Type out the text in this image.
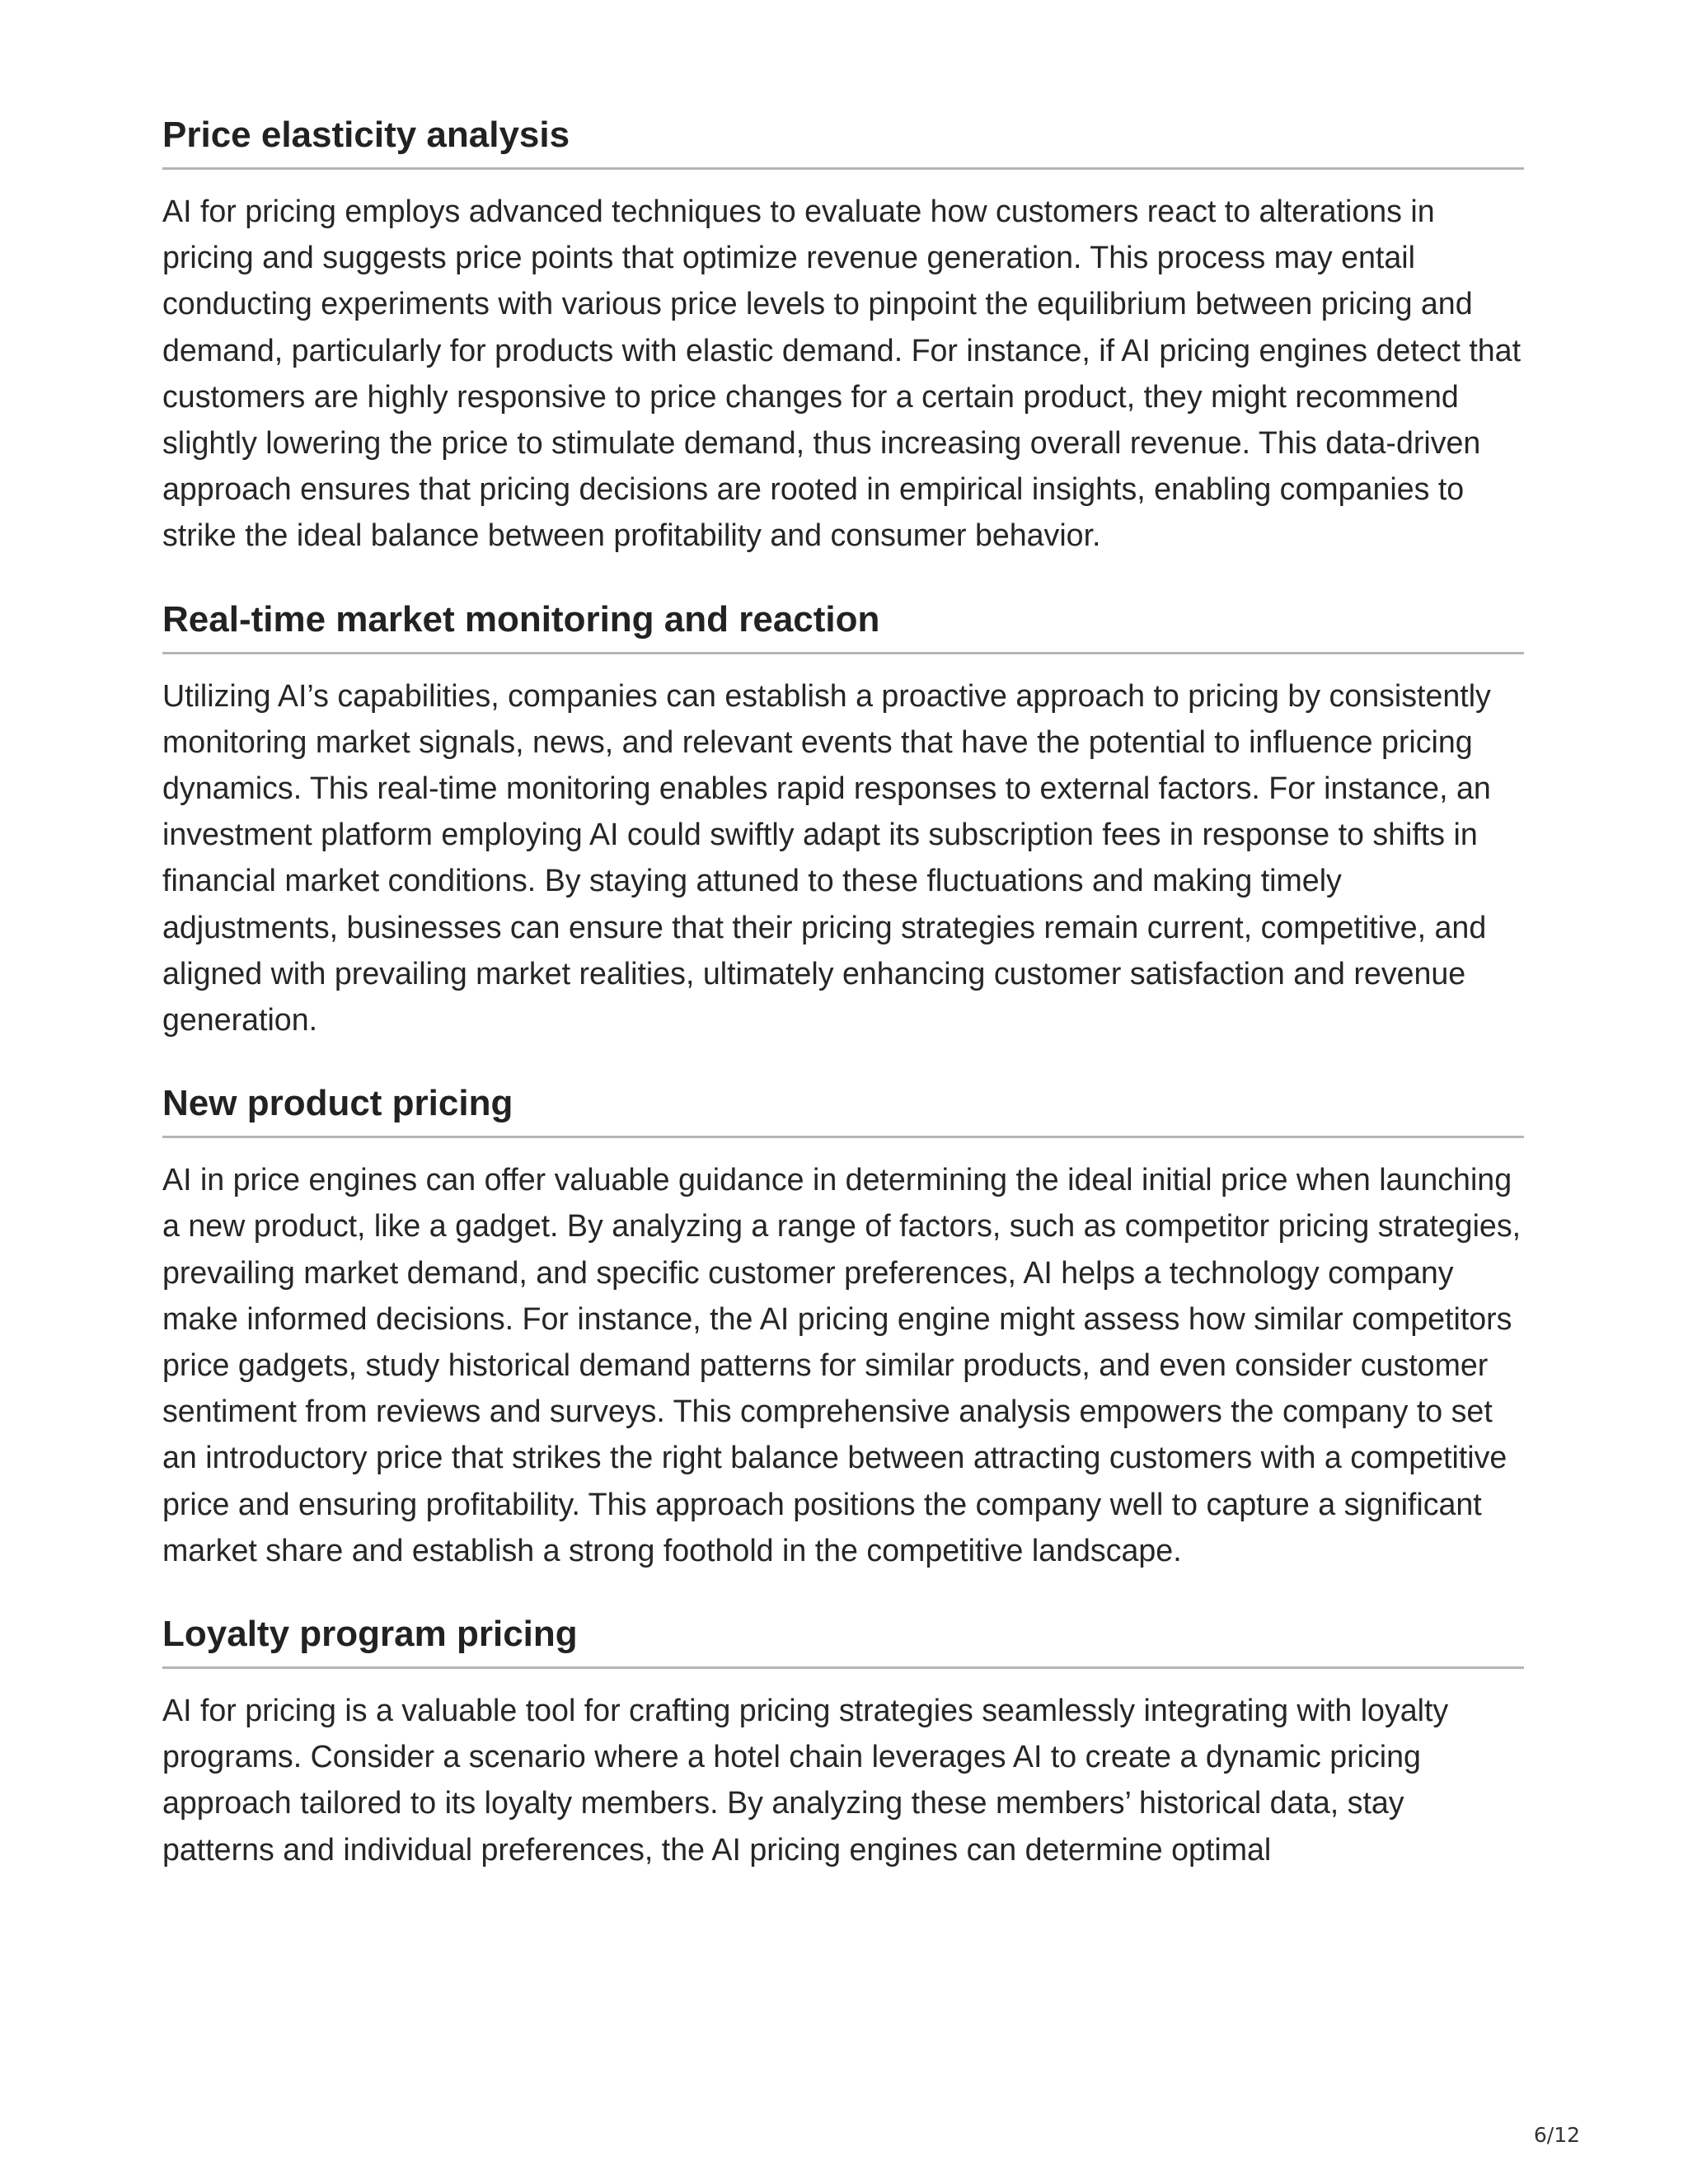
Price elasticity analysis

AI for pricing employs advanced techniques to evaluate how customers react to alterations in pricing and suggests price points that optimize revenue generation. This process may entail conducting experiments with various price levels to pinpoint the equilibrium between pricing and demand, particularly for products with elastic demand. For instance, if AI pricing engines detect that customers are highly responsive to price changes for a certain product, they might recommend slightly lowering the price to stimulate demand, thus increasing overall revenue. This data-driven approach ensures that pricing decisions are rooted in empirical insights, enabling companies to strike the ideal balance between profitability and consumer behavior.

Real-time market monitoring and reaction

Utilizing AI’s capabilities, companies can establish a proactive approach to pricing by consistently monitoring market signals, news, and relevant events that have the potential to influence pricing dynamics. This real-time monitoring enables rapid responses to external factors. For instance, an investment platform employing AI could swiftly adapt its subscription fees in response to shifts in financial market conditions. By staying attuned to these fluctuations and making timely adjustments, businesses can ensure that their pricing strategies remain current, competitive, and aligned with prevailing market realities, ultimately enhancing customer satisfaction and revenue generation.

New product pricing

AI in price engines can offer valuable guidance in determining the ideal initial price when launching a new product, like a gadget. By analyzing a range of factors, such as competitor pricing strategies, prevailing market demand, and specific customer preferences, AI helps a technology company make informed decisions. For instance, the AI pricing engine might assess how similar competitors price gadgets, study historical demand patterns for similar products, and even consider customer sentiment from reviews and surveys. This comprehensive analysis empowers the company to set an introductory price that strikes the right balance between attracting customers with a competitive price and ensuring profitability. This approach positions the company well to capture a significant market share and establish a strong foothold in the competitive landscape.

Loyalty program pricing

AI for pricing is a valuable tool for crafting pricing strategies seamlessly integrating with loyalty programs. Consider a scenario where a hotel chain leverages AI to create a dynamic pricing approach tailored to its loyalty members. By analyzing these members’ historical data, stay patterns and individual preferences, the AI pricing engines can determine optimal

6/12
